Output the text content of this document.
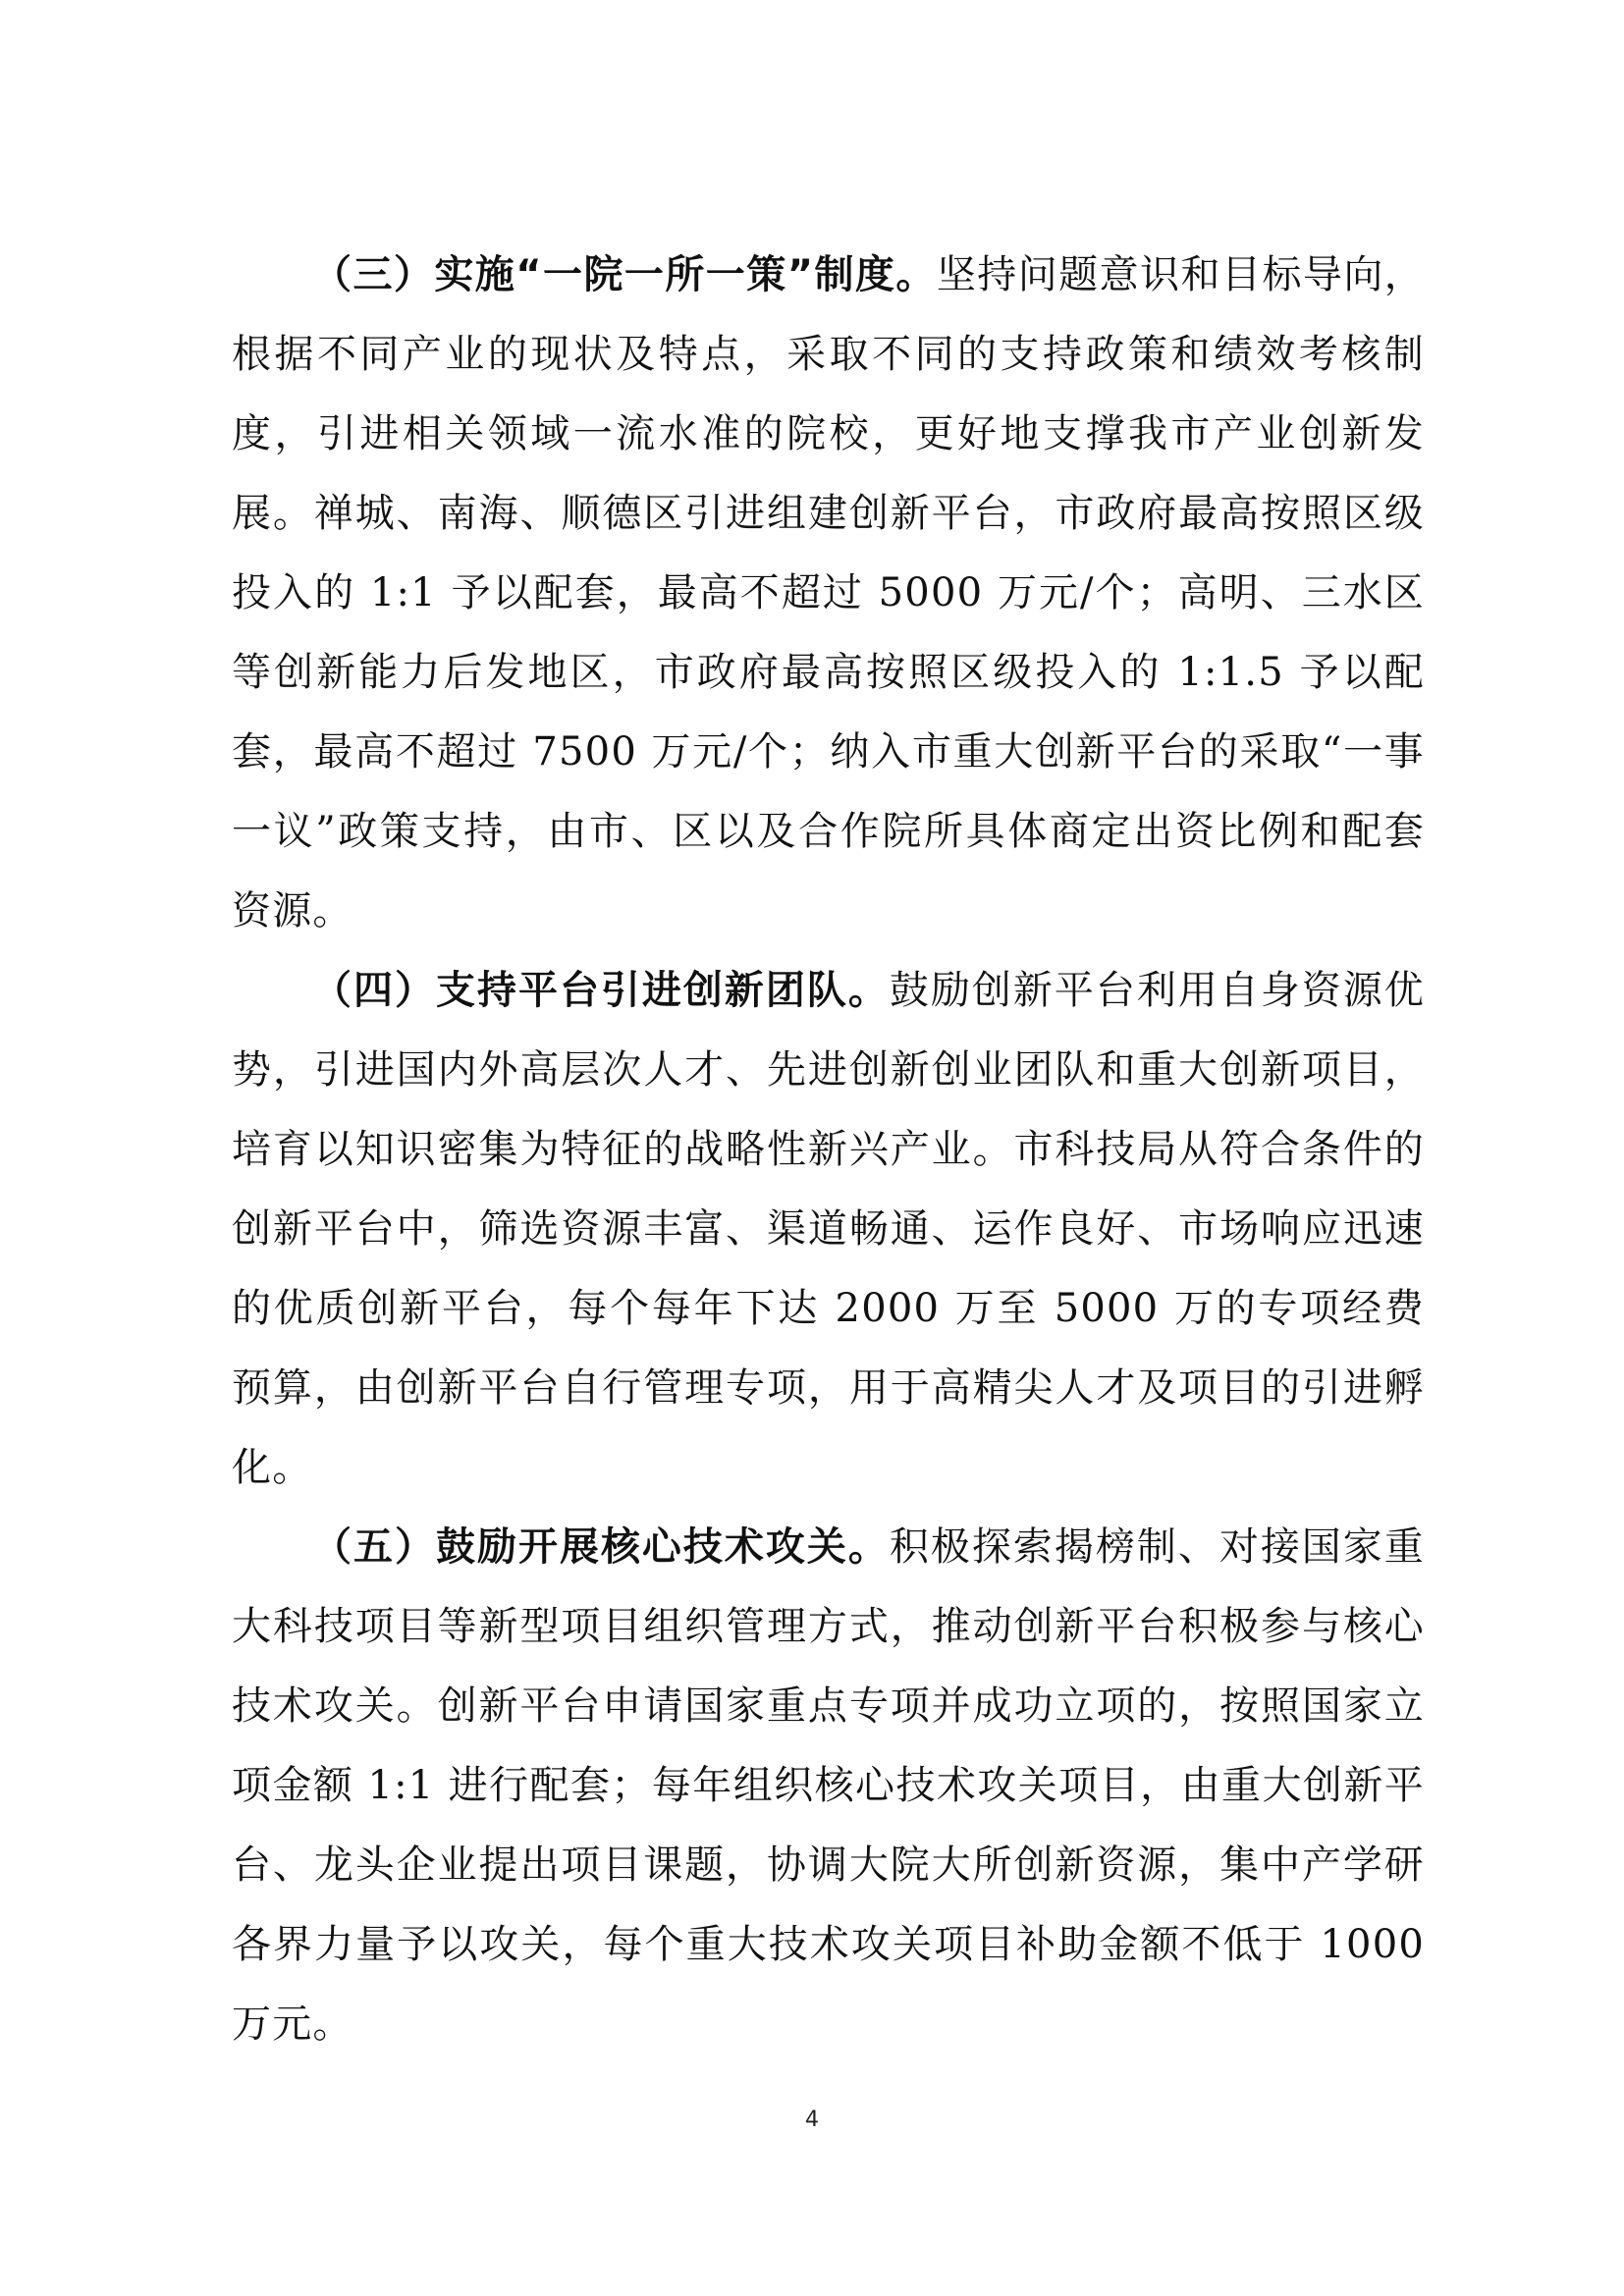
（三）实施“一院一所一策”制度。坚持问题意识和目标导向，根据不同产业的现状及特点，采取不同的支持政策和绩效考核制度，引进相关领域一流水准的院校，更好地支撑我市产业创新发展。禅城、南海、顺德区引进组建创新平台，市政府最高按照区级投入的 1:1 予以配套，最高不超过 5000 万元/个；高明、三水区等创新能力后发地区，市政府最高按照区级投入的 1:1.5 予以配套，最高不超过 7500 万元/个；纳入市重大创新平台的采取“一事一议”政策支持，由市、区以及合作院所具体商定出资比例和配套资源。

（四）支持平台引进创新团队。鼓励创新平台利用自身资源优势，引进国内外高层次人才、先进创新创业团队和重大创新项目，培育以知识密集为特征的战略性新兴产业。市科技局从符合条件的创新平台中，筛选资源丰富、渠道畅通、运作良好、市场响应迅速的优质创新平台，每个每年下达 2000 万至 5000 万的专项经费预算，由创新平台自行管理专项，用于高精尖人才及项目的引进孵化。

（五）鼓励开展核心技术攻关。积极探索揭榜制、对接国家重大科技项目等新型项目组织管理方式，推动创新平台积极参与核心技术攻关。创新平台申请国家重点专项并成功立项的，按照国家立项金额 1:1 进行配套；每年组织核心技术攻关项目，由重大创新平台、龙头企业提出项目课题，协调大院大所创新资源，集中产学研各界力量予以攻关，每个重大技术攻关项目补助金额不低于 1000 万元。

4
